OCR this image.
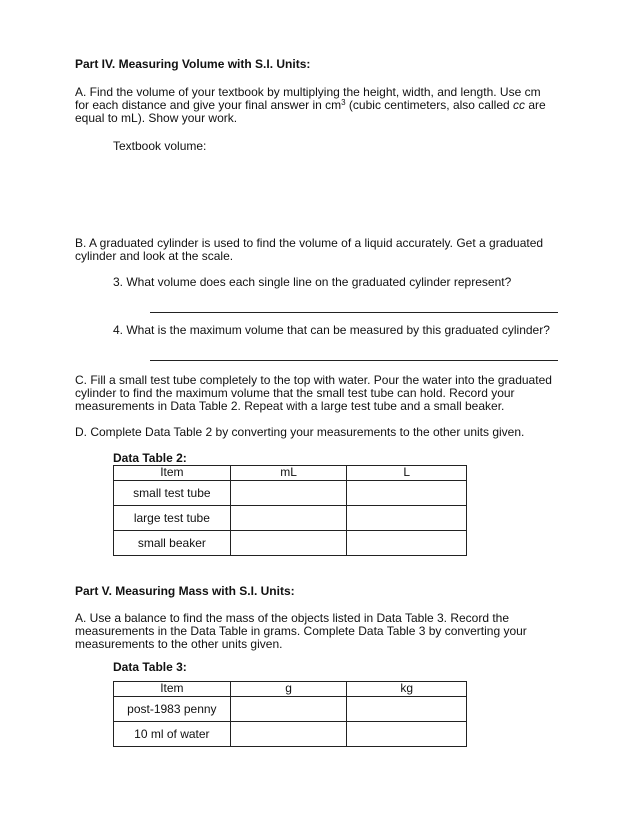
Part IV. Measuring Volume with S.I. Units:
A. Find the volume of your textbook by multiplying the height, width, and length. Use cm
for each distance and give your final answer in $cm^3$ (cubic centimeters, also called cc are
equal to mL). Show your work.
Textbook volume:
B. A graduated cylinder is used to find the volume of a liquid accurately. Get a graduated
cylinder and look at the scale.
3. What volume does each single line on the graduated cylinder represent?
4. What is the maximum volume that can be measured by this graduated cylinder?
C. Fill a small test tube completely to the top with water. Pour the water into the graduated
cylinder to find the maximum volume that the small test tube can hold. Record your
measurements in Data Table 2. Repeat with a large test tube and a small beaker.
D. Complete Data Table 2 by converting your measurements to the other units given.
Data Table 2:
Item	mL	L
small test tube		
large test tube		
small beaker		
Part V. Measuring Mass with S.I. Units:
A. Use a balance to find the mass of the objects listed in Data Table 3. Record the
measurements in the Data Table in grams. Complete Data Table 3 by converting your
measurements to the other units given.
Data Table 3:
Item	g	kg
post-1983 penny		
10 ml of water		
